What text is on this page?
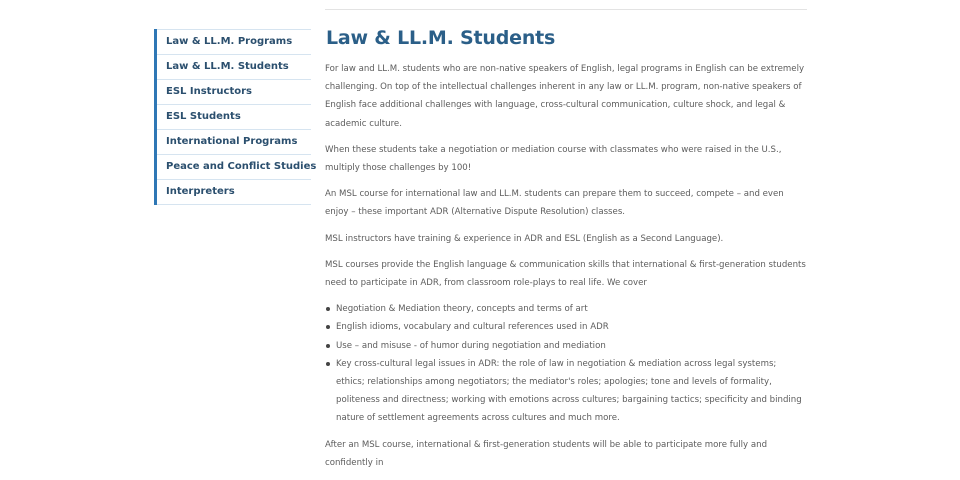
Law & LL.M. Programs
Law & LL.M. Students
ESL Instructors
ESL Students
International Programs
Peace and Conflict Studies
Interpreters
Law & LL.M. Students

For law and LL.M. students who are non-native speakers of English, legal programs in English can be extremely challenging. On top of the intellectual challenges inherent in any law or LL.M. program, non-native speakers of English face additional challenges with language, cross-cultural communication, culture shock, and legal & academic culture.

When these students take a negotiation or mediation course with classmates who were raised in the U.S., multiply those challenges by 100!

An MSL course for international law and LL.M. students can prepare them to succeed, compete – and even enjoy – these important ADR (Alternative Dispute Resolution) classes.

MSL instructors have training & experience in ADR and ESL (English as a Second Language).

MSL courses provide the English language & communication skills that international & first-generation students need to participate in ADR, from classroom role-plays to real life. We cover

Negotiation & Mediation theory, concepts and terms of art
English idioms, vocabulary and cultural references used in ADR
Use – and misuse - of humor during negotiation and mediation
Key cross-cultural legal issues in ADR: the role of law in negotiation & mediation across legal systems; ethics; relationships among negotiators; the mediator's roles; apologies; tone and levels of formality, politeness and directness; working with emotions across cultures; bargaining tactics; specificity and binding nature of settlement agreements across cultures and much more.

After an MSL course, international & first-generation students will be able to participate more fully and confidently in
